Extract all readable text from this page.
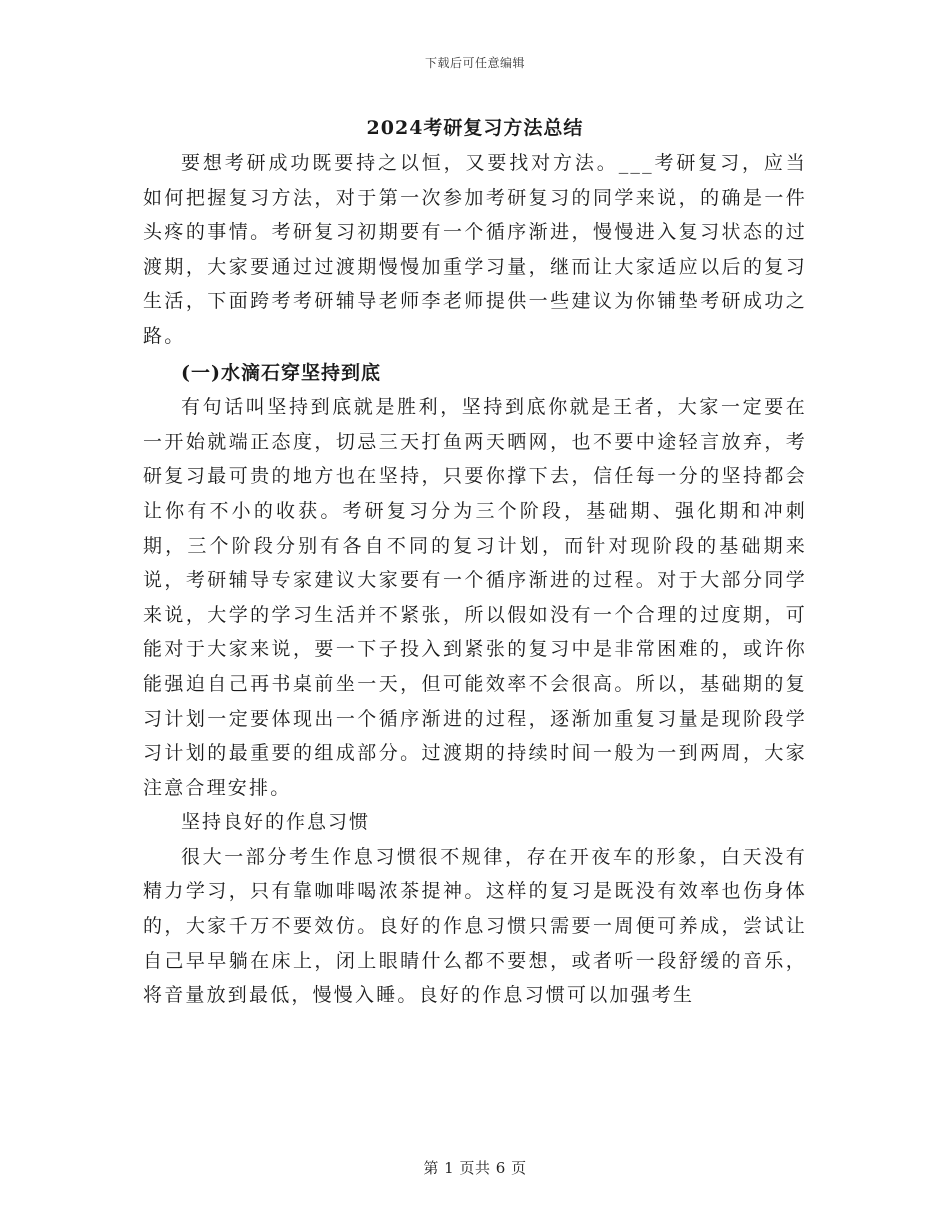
下载后可任意编辑
2024考研复习方法总结

要想考研成功既要持之以恒，又要找对方法。___考研复习，应当如何把握复习方法，对于第一次参加考研复习的同学来说，的确是一件头疼的事情。考研复习初期要有一个循序渐进，慢慢进入复习状态的过渡期，大家要通过过渡期慢慢加重学习量，继而让大家适应以后的复习生活，下面跨考考研辅导老师李老师提供一些建议为你铺垫考研成功之路。

(一)水滴石穿坚持到底

有句话叫坚持到底就是胜利，坚持到底你就是王者，大家一定要在一开始就端正态度，切忌三天打鱼两天晒网，也不要中途轻言放弃，考研复习最可贵的地方也在坚持，只要你撑下去，信任每一分的坚持都会让你有不小的收获。考研复习分为三个阶段，基础期、强化期和冲刺期，三个阶段分别有各自不同的复习计划，而针对现阶段的基础期来说，考研辅导专家建议大家要有一个循序渐进的过程。对于大部分同学来说，大学的学习生活并不紧张，所以假如没有一个合理的过度期，可能对于大家来说，要一下子投入到紧张的复习中是非常困难的，或许你能强迫自己再书桌前坐一天，但可能效率不会很高。所以，基础期的复习计划一定要体现出一个循序渐进的过程，逐渐加重复习量是现阶段学习计划的最重要的组成部分。过渡期的持续时间一般为一到两周，大家注意合理安排。

坚持良好的作息习惯

很大一部分考生作息习惯很不规律，存在开夜车的形象，白天没有精力学习，只有靠咖啡喝浓茶提神。这样的复习是既没有效率也伤身体的，大家千万不要效仿。良好的作息习惯只需要一周便可养成，尝试让自己早早躺在床上，闭上眼睛什么都不要想，或者听一段舒缓的音乐，将音量放到最低，慢慢入睡。良好的作息习惯可以加强考生

第 1 页共 6 页
